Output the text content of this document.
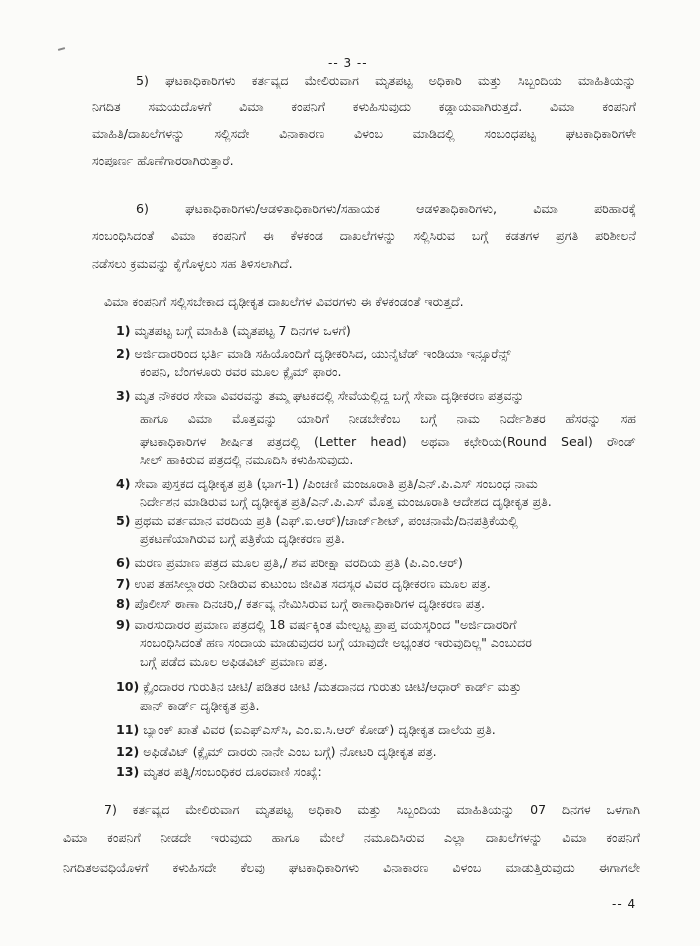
-- 3 --
5) ಘಟಕಾಧಿಕಾರಿಗಳು ಕರ್ತವ್ಯದ ಮೇಲಿರುವಾಗ ಮೃತಪಟ್ಟ ಅಧಿಕಾರಿ ಮತ್ತು ಸಿಬ್ಬಂದಿಯ ಮಾಹಿತಿಯನ್ನು
ನಿಗದಿತ ಸಮಯದೊಳಗೆ ವಿಮಾ ಕಂಪನಿಗೆ ಕಳುಹಿಸುವುದು ಕಡ್ಡಾಯವಾಗಿರುತ್ತದೆ. ವಿಮಾ ಕಂಪನಿಗೆ
ಮಾಹಿತಿ/ದಾಖಲೆಗಳನ್ನು ಸಲ್ಲಿಸದೇ ವಿನಾಕಾರಣ ವಿಳಂಬ ಮಾಡಿದಲ್ಲಿ ಸಂಬಂಧಪಟ್ಟ ಘಟಕಾಧಿಕಾರಿಗಳೇ
ಸಂಪೂರ್ಣ ಹೊಣೆಗಾರರಾಗಿರುತ್ತಾರೆ.
6) ಘಟಕಾಧಿಕಾರಿಗಳು/ಆಡಳಿತಾಧಿಕಾರಿಗಳು/ಸಹಾಯಕ ಆಡಳಿತಾಧಿಕಾರಿಗಳು, ವಿಮಾ ಪರಿಹಾರಕ್ಕೆ
ಸಂಬಂಧಿಸಿದಂತೆ ವಿಮಾ ಕಂಪನಿಗೆ ಈ ಕೆಳಕಂಡ ದಾಖಲೆಗಳನ್ನು ಸಲ್ಲಿಸಿರುವ ಬಗ್ಗೆ ಕಡತಗಳ ಪ್ರಗತಿ ಪರಿಶೀಲನೆ
ನಡೆಸಲು ಕ್ರಮವನ್ನು ಕೈಗೊಳ್ಳಲು ಸಹ ತಿಳಿಸಲಾಗಿದೆ.
ವಿಮಾ ಕಂಪನಿಗೆ ಸಲ್ಲಿಸಬೇಕಾದ ದೃಢೀಕೃತ ದಾಖಲೆಗಳ ವಿವರಗಳು ಈ ಕೆಳಕಂಡಂತೆ ಇರುತ್ತದೆ.
1) ಮೃತಪಟ್ಟ ಬಗ್ಗೆ ಮಾಹಿತಿ (ಮೃತಪಟ್ಟ 7 ದಿನಗಳ ಒಳಗೆ)
2) ಅರ್ಜಿದಾರರಿಂದ ಭರ್ತಿ ಮಾಡಿ ಸಹಿಯೊಂದಿಗೆ ದೃಢೀಕರಿಸಿದ, ಯುನೈಟೆಡ್ ಇಂಡಿಯಾ ಇನ್ಸೂರೆನ್ಸ್
ಕಂಪನಿ, ಬೆಂಗಳೂರು ರವರ ಮೂಲ ಕ್ಲೈಮ್ ಫಾರಂ.
3) ಮೃತ ನೌಕರರ ಸೇವಾ ವಿವರವನ್ನು ತಮ್ಮ ಘಟಕದಲ್ಲಿ ಸೇವೆಯಲ್ಲಿದ್ದ ಬಗ್ಗೆ ಸೇವಾ ದೃಢೀಕರಣ ಪತ್ರವನ್ನು
ಹಾಗೂ ವಿಮಾ ಮೊತ್ತವನ್ನು ಯಾರಿಗೆ ನೀಡಬೇಕೆಂಬ ಬಗ್ಗೆ ನಾಮ ನಿರ್ದೇಶಿತರ ಹೆಸರನ್ನು ಸಹ
ಘಟಕಾಧಿಕಾರಿಗಳ ಶೀರ್ಷಿತ ಪತ್ರದಲ್ಲಿ (Letter head) ಅಥವಾ ಕಛೇರಿಯ(Round Seal) ರೌಂಡ್
ಸೀಲ್ ಹಾಕಿರುವ ಪತ್ರದಲ್ಲಿ ನಮೂದಿಸಿ ಕಳುಹಿಸುವುದು.
4) ಸೇವಾ ಪುಸ್ತಕದ ದೃಢೀಕೃತ ಪ್ರತಿ (ಭಾಗ-1) /ಪಿಂಚಣಿ ಮಂಜೂರಾತಿ ಪ್ರತಿ/ಎನ್.ಪಿ.ಎಸ್ ಸಂಬಂಧ ನಾಮ
ನಿರ್ದೇಶನ ಮಾಡಿರುವ ಬಗ್ಗೆ ದೃಢೀಕೃತ ಪ್ರತಿ/ಎನ್.ಪಿ.ಎಸ್ ಮೊತ್ತ ಮಂಜೂರಾತಿ ಆದೇಶದ ದೃಢೀಕೃತ ಪ್ರತಿ.
5) ಪ್ರಥಮ ವರ್ತಮಾನ ವರದಿಯ ಪ್ರತಿ (ಎಫ್.ಐ.ಆರ್)/ಚಾರ್ಜ್‌ಶೀಟ್, ಪಂಚನಾಮೆ/ದಿನಪತ್ರಿಕೆಯಲ್ಲಿ
ಪ್ರಕಟಣೆಯಾಗಿರುವ ಬಗ್ಗೆ ಪತ್ರಿಕೆಯ ದೃಢೀಕರಣ ಪ್ರತಿ.
6) ಮರಣ ಪ್ರಮಾಣ ಪತ್ರದ ಮೂಲ ಪ್ರತಿ,/ ಶವ ಪರೀಕ್ಷಾ ವರದಿಯ ಪ್ರತಿ (ಪಿ.ಎಂ.ಆರ್)
7) ಉಪ ತಹಸೀಲ್ದಾರರು ನೀಡಿರುವ ಕುಟುಂಬ ಜೀವಿತ ಸದಸ್ಯರ ವಿವರ ದೃಢೀಕರಣ ಮೂಲ ಪತ್ರ.
8) ಪೊಲೀಸ್ ಠಾಣಾ ದಿನಚರಿ,/ ಕರ್ತವ್ಯ ನೇಮಿಸಿರುವ ಬಗ್ಗೆ ಠಾಣಾಧಿಕಾರಿಗಳ ದೃಢೀಕರಣ ಪತ್ರ.
9) ವಾರಸುದಾರರ ಪ್ರಮಾಣ ಪತ್ರದಲ್ಲಿ 18 ವರ್ಷಕ್ಕಿಂತ ಮೇಲ್ಪಟ್ಟ ಪ್ರಾಪ್ತ ವಯಸ್ಕರಿಂದ "ಅರ್ಜಿದಾರರಿಗೆ
ಸಂಬಂಧಿಸಿದಂತೆ ಹಣ ಸಂದಾಯ ಮಾಡುವುದರ ಬಗ್ಗೆ ಯಾವುದೇ ಅಭ್ಯಂತರ ಇರುವುದಿಲ್ಲ" ಎಂಬುದರ
ಬಗ್ಗೆ ಪಡೆದ ಮೂಲ ಅಫಿಡವಿಟ್ ಪ್ರಮಾಣ ಪತ್ರ.
10) ಕ್ಲೈಂದಾರರ ಗುರುತಿನ ಚೀಟಿ/ ಪಡಿತರ ಚೀಟಿ /ಮತದಾನದ ಗುರುತು ಚೀಟಿ/ಆಧಾರ್ ಕಾರ್ಡ್ ಮತ್ತು
ಪಾನ್ ಕಾರ್ಡ್ ದೃಢೀಕೃತ ಪ್ರತಿ.
11) ಬ್ಯಾಂಕ್ ಖಾತೆ ವಿವರ (ಐಎಫ್‌ಎಸ್‌ಸಿ, ಎಂ.ಐ.ಸಿ.ಆರ್ ಕೋಡ್) ದೃಢೀಕೃತ ದಾಲೆಯ ಪ್ರತಿ.
12) ಅಫಿಡೆವಿಟ್ (ಕ್ಲೈಮ್ ದಾರರು ನಾನೇ ಎಂಬ ಬಗ್ಗೆ) ನೋಟರಿ ದೃಢೀಕೃತ ಪತ್ರ.
13) ಮೃತರ ಪತ್ನಿ/ಸಂಬಂಧಿಕರ ದೂರವಾಣಿ ಸಂಖ್ಯೆ:
7) ಕರ್ತವ್ಯದ ಮೇಲಿರುವಾಗ ಮೃತಪಟ್ಟ ಅಧಿಕಾರಿ ಮತ್ತು ಸಿಬ್ಬಂದಿಯ ಮಾಹಿತಿಯನ್ನು 07 ದಿನಗಳ ಒಳಗಾಗಿ
ವಿಮಾ ಕಂಪನಿಗೆ ನೀಡದೇ ಇರುವುದು ಹಾಗೂ ಮೇಲೆ ನಮೂದಿಸಿರುವ ಎಲ್ಲಾ ದಾಖಲೆಗಳನ್ನು ವಿಮಾ ಕಂಪನಿಗೆ
ನಿಗದಿತಅವಧಿಯೊಳಗೆ ಕಳುಹಿಸದೇ ಕೆಲವು ಘಟಕಾಧಿಕಾರಿಗಳು ವಿನಾಕಾರಣ ವಿಳಂಬ ಮಾಡುತ್ತಿರುವುದು ಈಗಾಗಲೇ
-- 4
